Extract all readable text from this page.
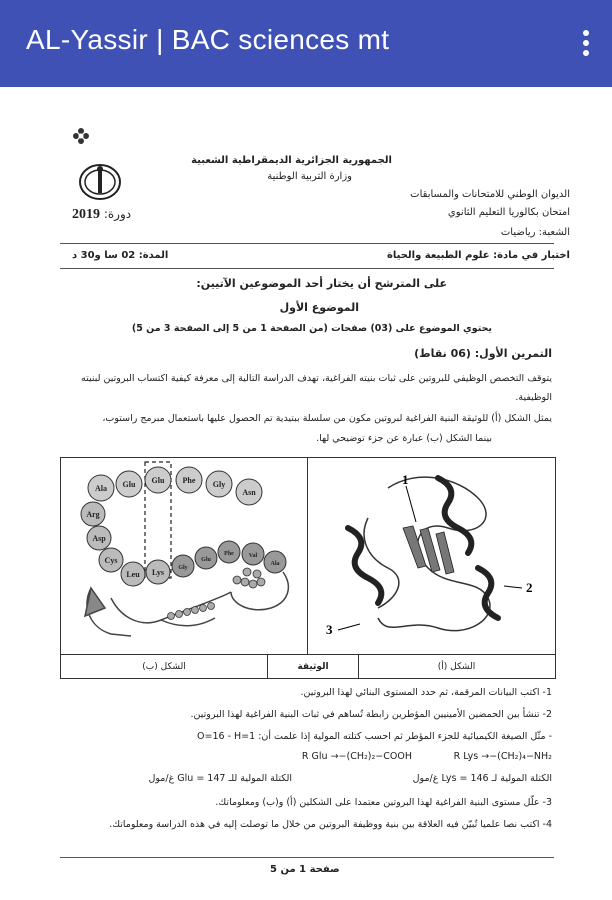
AL-Yassir | BAC sciences mt
الجمهورية الجزائرية الديمقراطية الشعبية
وزارة التربية الوطنية
الديوان الوطني للامتحانات والمسابقات
امتحان بكالوريا التعليم الثانوي
الشعبة: رياضيات
دورة: 2019
اختبار في مادة: علوم الطبيعة والحياة
المدة: 02 سا و30 د
على المترشح أن يختار أحد الموضوعين الآتيين:
الموضوع الأول
يحتوي الموضوع على (03) صفحات (من الصفحة 1 من 5 إلى الصفحة 3 من 5)
التمرين الأول: (06 نقاط)
يتوقف التخصص الوظيفي للبروتين على ثبات بنيته الفراغية، تهدف الدراسة التالية إلى معرفة كيفية اكتساب البروتين لبنيته الوظيفية.
يمثل الشكل (أ) للوثيقة البنية الفراغية لبروتين مكون من سلسلة ببتيدية تم الحصول عليها باستعمال مبرمج راستوب،
بينما الشكل (ب) عبارة عن جزء توضيحي لها.
Ala Glu Glu Phe Gly
Asn
Arg
Asp
Cys
Leu Lys Gly
Glu
Phe Val
Ala
1
2
3
الشكل (ب)	الوثيقة	الشكل (أ)
1- اكتب البيانات المرقمة، ثم حدد المستوى البنائي لهذا البروتين.
2- تنشأ بين الحمضين الأمينيين المؤطرين رابطة تُساهم في ثبات البنية الفراغية لهذا البروتين.
- مثّل الصيغة الكيميائية للجزء المؤطر ثم احسب كتلته المولية إذا علمت أن: O=16 - H=1
R Glu →−(CH₂)₂−COOH	R Lys →−(CH₂)₄−NH₂
الكتلة المولية لـ Lys = 146 غ/مول
الكتلة المولية للـ Glu = 147 غ/مول
3- علّل مستوى البنية الفراغية لهذا البروتين معتمدا على الشكلين (أ) و(ب) ومعلوماتك.
4- اكتب نصا علميا تُبيّن فيه العلاقة بين بنية ووظيفة البروتين من خلال ما توصلت إليه في هذه الدراسة ومعلوماتك.
صفحة 1 من 5
